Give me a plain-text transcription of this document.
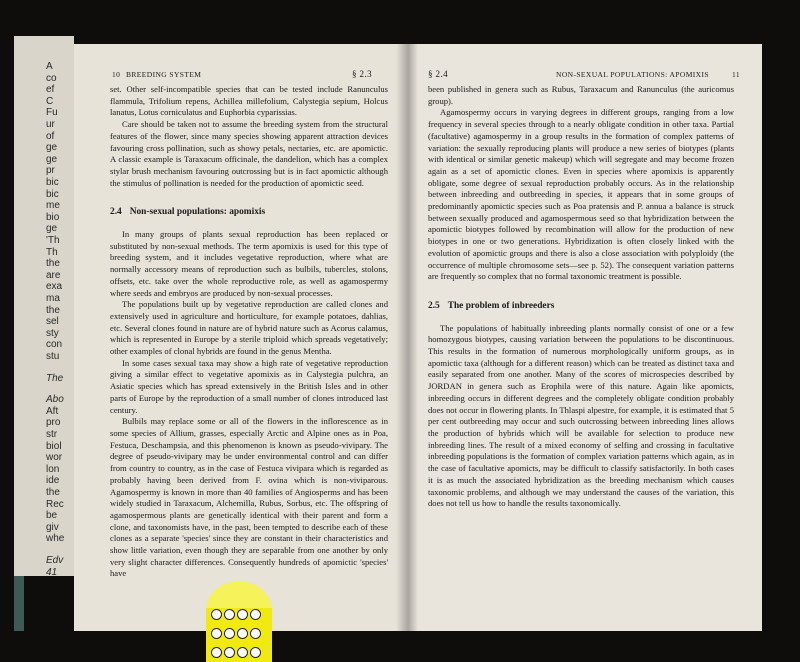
A
co
ef
C
Fu
ur
of
ge
ge
pr
bic
bic
me
bio
ge
'Th
Th
the
are
exa
ma
the
sel
sty
con
stu
The
Abo
Aft
pro
str
biol
wor
lon
ide
the
Rec
be
giv
whe
Edv
41
10 BREEDING SYSTEM	§ 2.3

set. Other self-incompatible species that can be tested include Ranunculus flammula, Trifolium repens, Achillea millefolium, Calystegia sepium, Holcus lanatus, Lotus corniculatus and Euphorbia cyparissias.

Care should be taken not to assume the breeding system from the structural features of the flower, since many species showing apparent attraction devices favouring cross pollination, such as showy petals, nectaries, etc. are apomictic. A classic example is Taraxacum officinale, the dandelion, which has a complex stylar brush mechanism favouring outcrossing but is in fact apomictic although the stimulus of pollination is needed for the production of apomictic seed.

2.4 Non-sexual populations: apomixis

In many groups of plants sexual reproduction has been replaced or substituted by non-sexual methods. The term apomixis is used for this type of breeding system, and it includes vegetative reproduction, where what are normally accessory means of reproduction such as bulbils, tubercles, stolons, offsets, etc. take over the whole reproductive role, as well as agamospermy where seeds and embryos are produced by non-sexual processes.

The populations built up by vegetative reproduction are called clones and extensively used in agriculture and horticulture, for example potatoes, dahlias, etc. Several clones found in nature are of hybrid nature such as Acorus calamus, which is represented in Europe by a sterile triploid which spreads vegetatively; other examples of clonal hybrids are found in the genus Mentha.

In some cases sexual taxa may show a high rate of vegetative reproduction giving a similar effect to vegetative apomixis as in Calystegia pulchra, an Asiatic species which has spread extensively in the British Isles and in other parts of Europe by the reproduction of a small number of clones introduced last century.

Bulbils may replace some or all of the flowers in the inflorescence as in some species of Allium, grasses, especially Arctic and Alpine ones as in Poa, Festuca, Deschampsia, and this phenomenon is known as pseudo-vivipary. The degree of pseudo-vivipary may be under environmental control and can differ from country to country, as in the case of Festuca vivipara which is regarded as probably having been derived from F. ovina which is non-viviparous. Agamospermy is known in more than 40 families of Angiosperms and has been widely studied in Taraxacum, Alchemilla, Rubus, Sorbus, etc. The offspring of agamospermous plants are genetically identical with their parent and form a clone, and taxonomists have, in the past, been tempted to describe each of these clones as a separate 'species' since they are constant in their characteristics and show little variation, even though they are separable from one another by only very slight character differences. Consequently hundreds of apomictic 'species' have

§ 2.4	NON-SEXUAL POPULATIONS: APOMIXIS	11

been published in genera such as Rubus, Taraxacum and Ranunculus (the auricomus group).

Agamospermy occurs in varying degrees in different groups, ranging from a low frequency in several species through to a nearly obligate condition in other taxa. Partial (facultative) agamospermy in a group results in the formation of complex patterns of variation: the sexually reproducing plants will produce a new series of biotypes (plants with identical or similar genetic makeup) which will segregate and may become frozen again as a set of apomictic clones. Even in species where apomixis is apparently obligate, some degree of sexual reproduction probably occurs. As in the relationship between inbreeding and outbreeding in species, it appears that in some groups of predominantly apomictic species such as Poa pratensis and P. annua a balance is struck between sexually produced and agamospermous seed so that hybridization between the apomictic biotypes followed by recombination will allow for the production of new biotypes in one or two generations. Hybridization is often closely linked with the evolution of apomictic groups and there is also a close association with polyploidy (the occurrence of multiple chromosome sets—see p. 52). The consequent variation patterns are frequently so complex that no formal taxonomic treatment is possible.

2.5 The problem of inbreeders

The populations of habitually inbreeding plants normally consist of one or a few homozygous biotypes, causing variation between the populations to be discontinuous. This results in the formation of numerous morphologically uniform groups, as in apomictic taxa (although for a different reason) which can be treated as distinct taxa and easily separated from one another. Many of the scores of microspecies described by JORDAN in genera such as Erophila were of this nature. Again like apomicts, inbreeding occurs in different degrees and the completely obligate condition probably does not occur in flowering plants. In Thlaspi alpestre, for example, it is estimated that 5 per cent outbreeding may occur and such outcrossing between inbreeding lines allows the production of hybrids which will be available for selection to produce new inbreeding lines. The result of a mixed economy of selfing and crossing in facultative inbreeding populations is the formation of complex variation patterns which again, as in the case of facultative apomicts, may be difficult to classify satisfactorily. In both cases it is as much the associated hybridization as the breeding mechanism which causes taxonomic problems, and although we may understand the causes of the variation, this does not tell us how to handle the results taxonomically.
